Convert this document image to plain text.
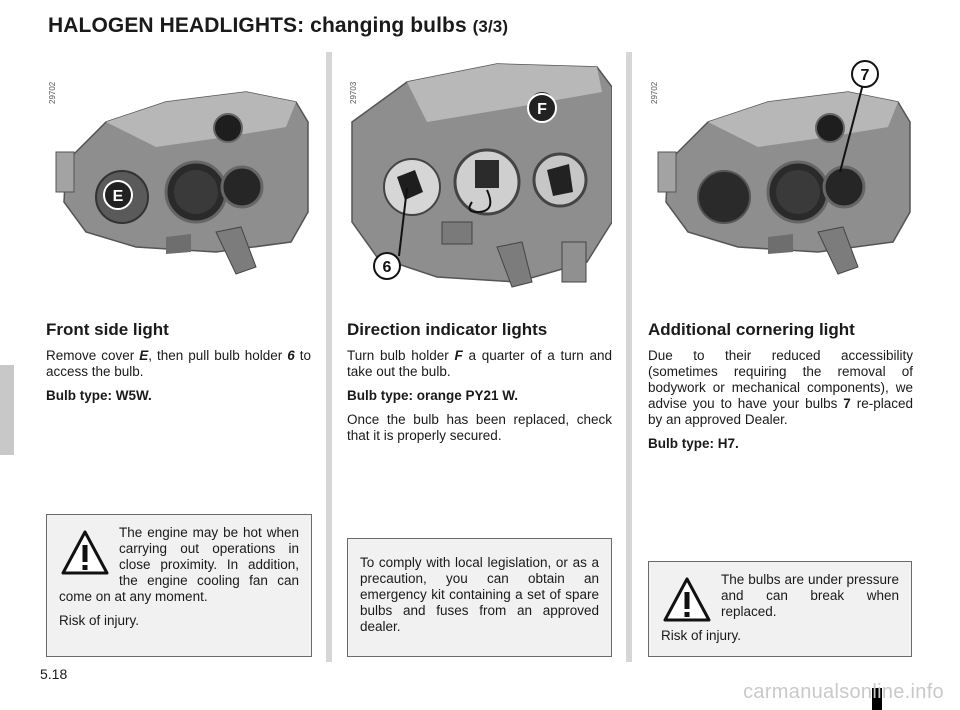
HALOGEN HEADLIGHTS: changing bulbs (3/3)
29702
E
Front side light

Remove cover E, then pull bulb holder 6 to access the bulb.

Bulb type: W5W.

29703
F
6
Direction indicator lights

Turn bulb holder F a quarter of a turn and take out the bulb.

Bulb type: orange PY21 W.

Once the bulb has been replaced, check that it is properly secured.

29702
7
Additional cornering light

Due to their reduced accessibility (sometimes requiring the removal of bodywork or mechanical components), we advise you to have your bulbs 7 re-placed by an approved Dealer.

Bulb type: H7.

The engine may be hot when carrying out operations in close proximity. In addition, the engine cooling fan can come on at any moment.

Risk of injury.

To comply with local legislation, or as a precaution, you can obtain an emergency kit containing a set of spare bulbs and fuses from an approved dealer.

The bulbs are under pressure and can break when replaced.

Risk of injury.

5.18
carmanualsonline.info
